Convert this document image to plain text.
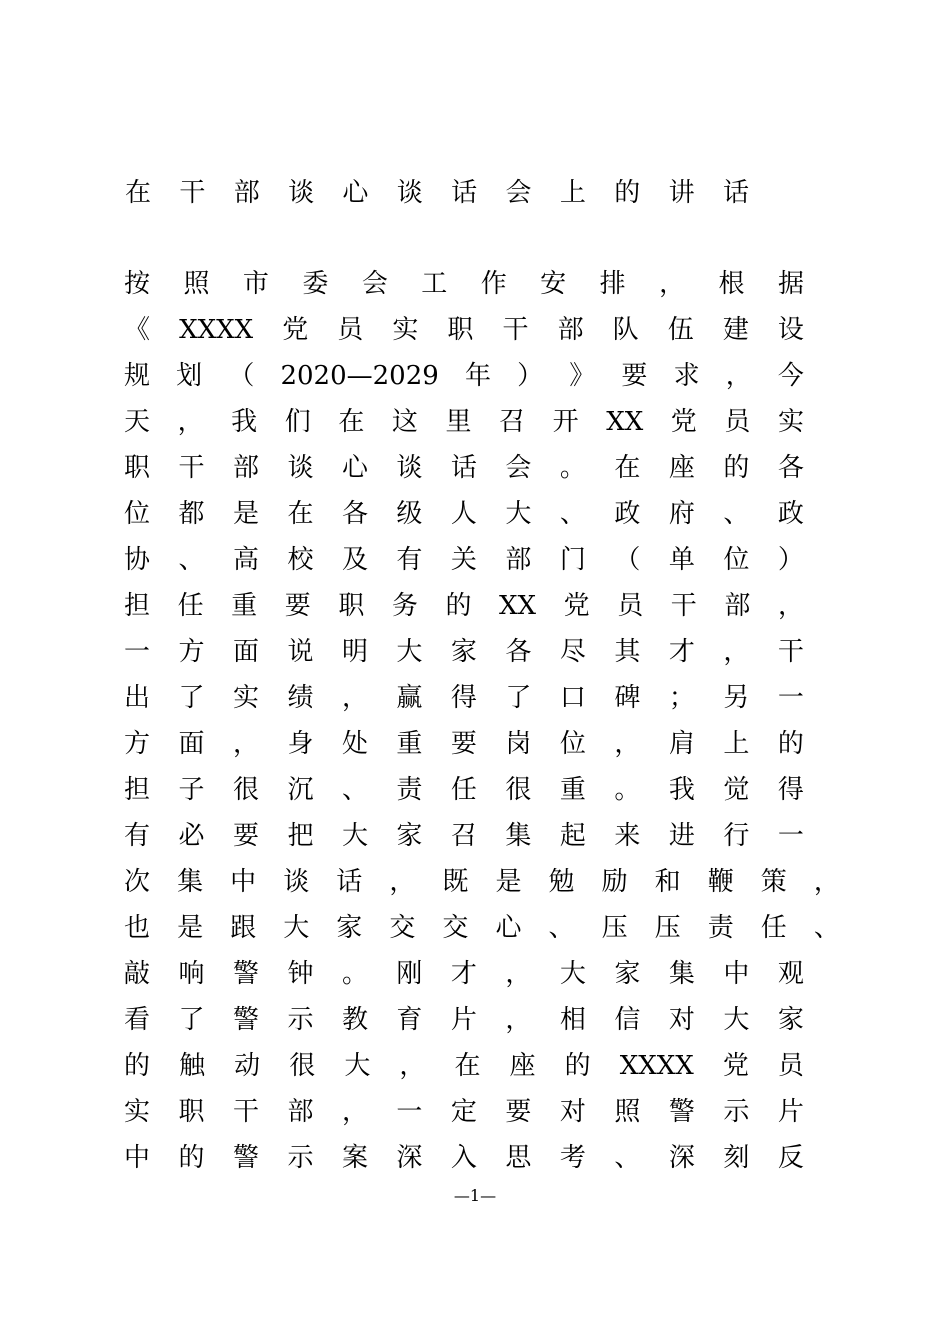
在 干 部 谈 心 谈 话 会 上 的 讲 话
按 照 市 委 会 工 作 安 排 ， 根 据
《 XXXX 党 员 实 职 干 部 队 伍 建 设
规 划 （ 2020—2029 年 ） 》 要 求 ， 今
天 ， 我 们 在 这 里 召 开 XX 党 员 实
职 干 部 谈 心 谈 话 会 。 在 座 的 各
位 都 是 在 各 级 人 大 、 政 府 、 政
协 、 高 校 及 有 关 部 门 （ 单 位 ）
担 任 重 要 职 务 的 XX 党 员 干 部 ，
一 方 面 说 明 大 家 各 尽 其 才 ， 干
出 了 实 绩 ， 赢 得 了 口 碑 ； 另 一
方 面 ， 身 处 重 要 岗 位 ， 肩 上 的
担 子 很 沉 、 责 任 很 重 。 我 觉 得
有 必 要 把 大 家 召 集 起 来 进 行 一
次 集 中 谈 话 ， 既 是 勉 励 和 鞭 策 ，
也 是 跟 大 家 交 交 心 、 压 压 责 任 、
敲 响 警 钟 。 刚 才 ， 大 家 集 中 观
看 了 警 示 教 育 片 ， 相 信 对 大 家
的 触 动 很 大 ， 在 座 的 XXXX 党 员
实 职 干 部 ， 一 定 要 对 照 警 示 片
中 的 警 示 案 深 入 思 考 、 深 刻 反
—1—
